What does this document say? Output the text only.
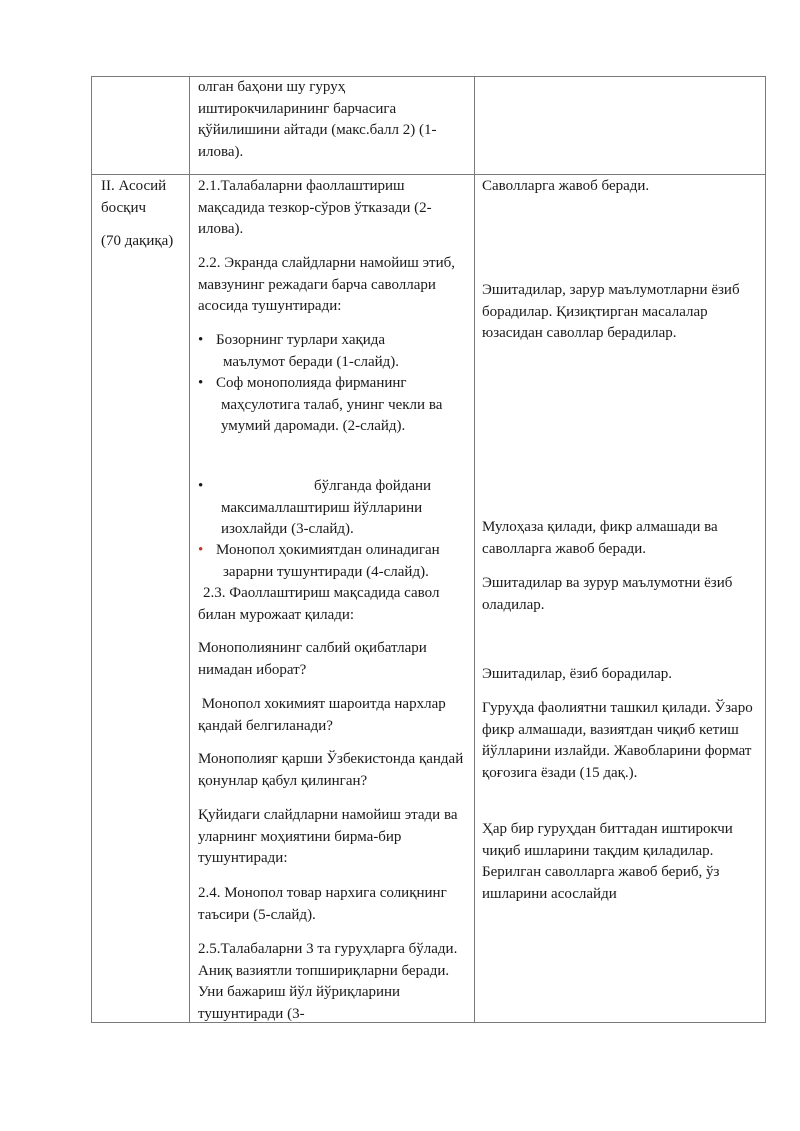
олган баҳони шу гуруҳ иштирокчиларининг барчасига қўйилишини айтади (макс.балл 2) (1-илова).

II. Асосий босқич

(70 дақиқа)

2.1.Талабаларни фаоллаштириш мақсадида тезкор-сўров ўтказади (2-илова).

2.2. Экранда слайдларни намойиш этиб, мавзунинг режадаги барча саволлари асосида тушунтиради:

• Бозорнинг турлари хақида
маълумот беради (1-слайд).
• Соф монополияда фирманинг
маҳсулотига талаб, унинг чекли ва умумий даромади. (2-слайд).
•	бўлганда фойдани
максималлаштириш йўлларини изохлайди (3-слайд).
• Монопол ҳокимиятдан олинадиган
зарарни тушунтиради (4-слайд).

2.3. Фаоллаштириш мақсадида савол билан мурожаат қилади:

Монополиянинг салбий оқибатлари нимадан иборат?

Монопол хокимият шароитда нархлар қандай белгиланади?

Монополияг қарши Ўзбекистонда қандай қонунлар қабул қилинган?

Қуйидаги слайдларни намойиш этади ва уларнинг моҳиятини бирма-бир тушунтиради:

2.4. Монопол товар нархига солиқнинг таъсири (5-слайд).

2.5.Талабаларни 3 та гуруҳларга бўлади. Аниқ вазиятли топшириқларни беради. Уни бажариш йўл йўриқларини тушунтиради (3-

Саволларга жавоб беради.

Эшитадилар, зарур маълумотларни ёзиб борадилар. Қизиқтирган масалалар юзасидан саволлар берадилар.

Мулоҳаза қилади, фикр алмашади ва саволларга жавоб беради.

Эшитадилар ва зурур маълумотни ёзиб оладилар.

Эшитадилар, ёзиб борадилар.

Гуруҳда фаолиятни ташкил қилади. Ўзаро фикр алмашади, вазиятдан чиқиб кетиш йўлларини излайди. Жавобларини формат қоғозига ёзади (15 дақ.).

Ҳар бир гуруҳдан биттадан иштирокчи чиқиб ишларини тақдим қиладилар. Берилган саволларга жавоб бериб, ўз ишларини асослайди
